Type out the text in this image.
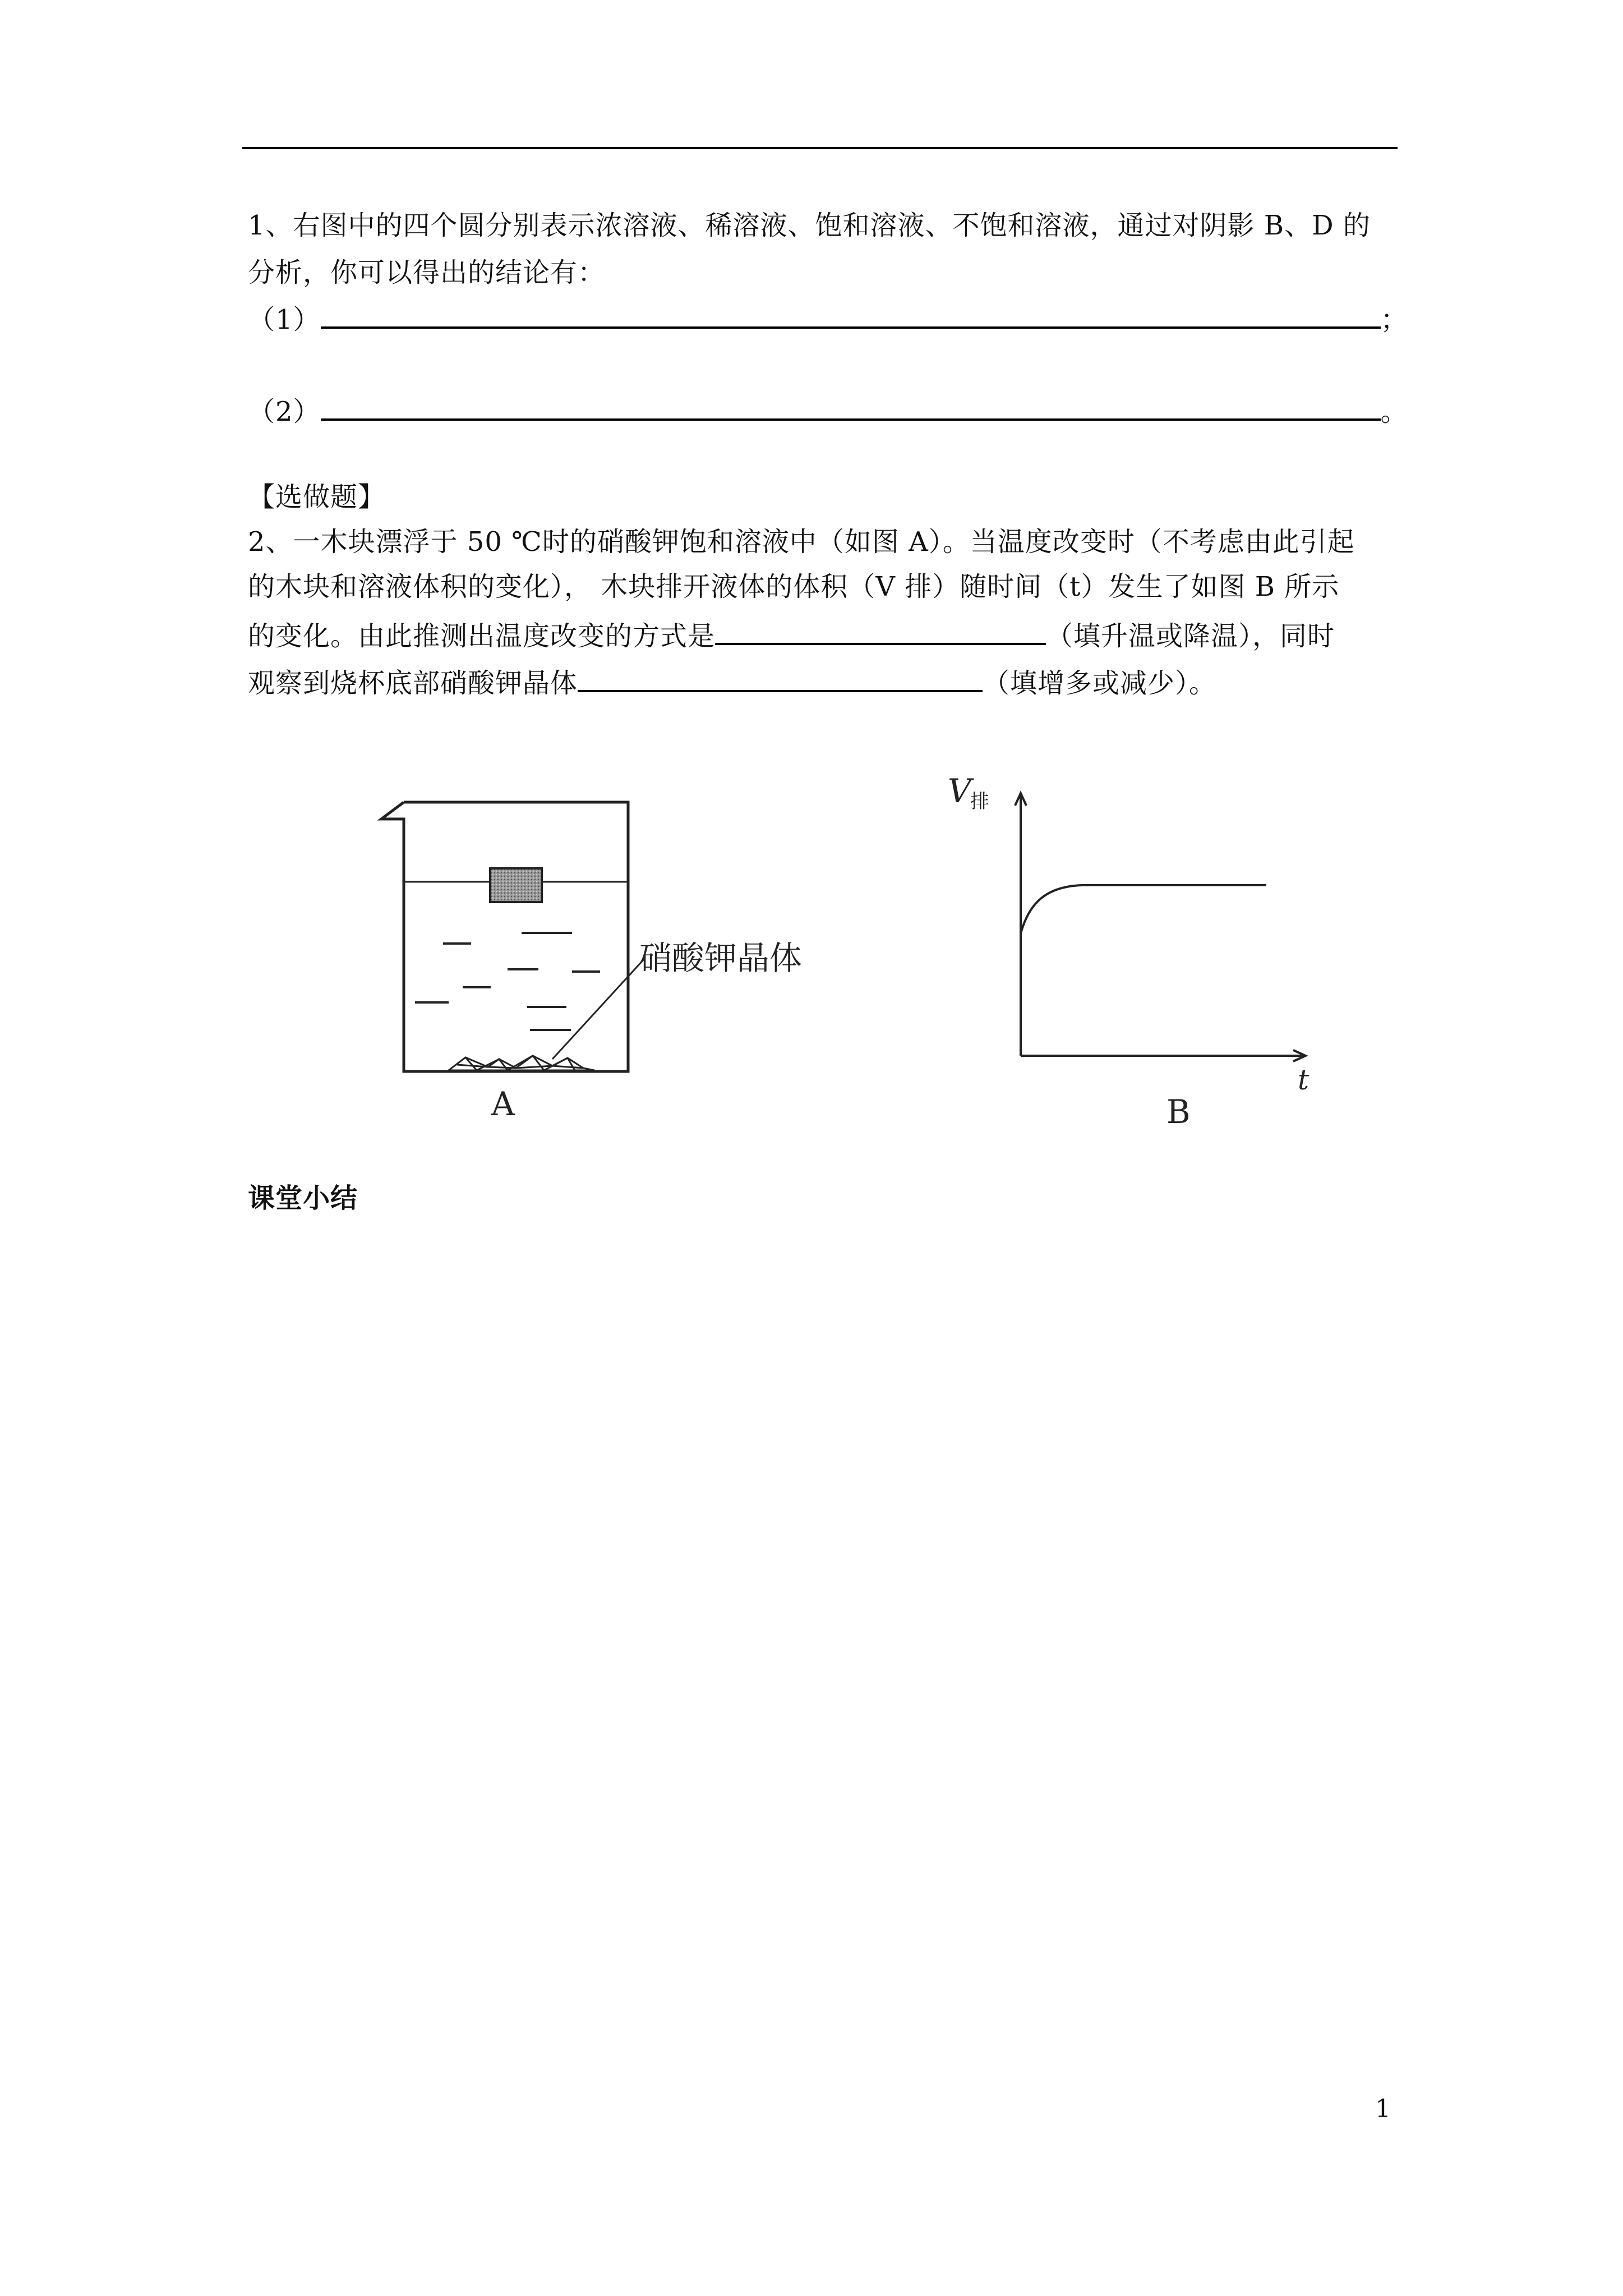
1、右图中的四个圆分别表示浓溶液、稀溶液、饱和溶液、不饱和溶液，通过对阴影 B、D 的
分析，你可以得出的结论有：
（1）	；
（2）	。
【选做题】
2、一木块漂浮于 50 ℃时的硝酸钾饱和溶液中（如图 A）。当温度改变时（不考虑由此引起
的木块和溶液体积的变化）， 木块排开液体的体积（V 排）随时间（t）发生了如图 B 所示
的变化。由此推测出温度改变的方式是	（填升温或降温），同时
观察到烧杯底部硝酸钾晶体	（填增多或减少）。
硝酸钾晶体
A
V
排
t
B
课堂小结
1
